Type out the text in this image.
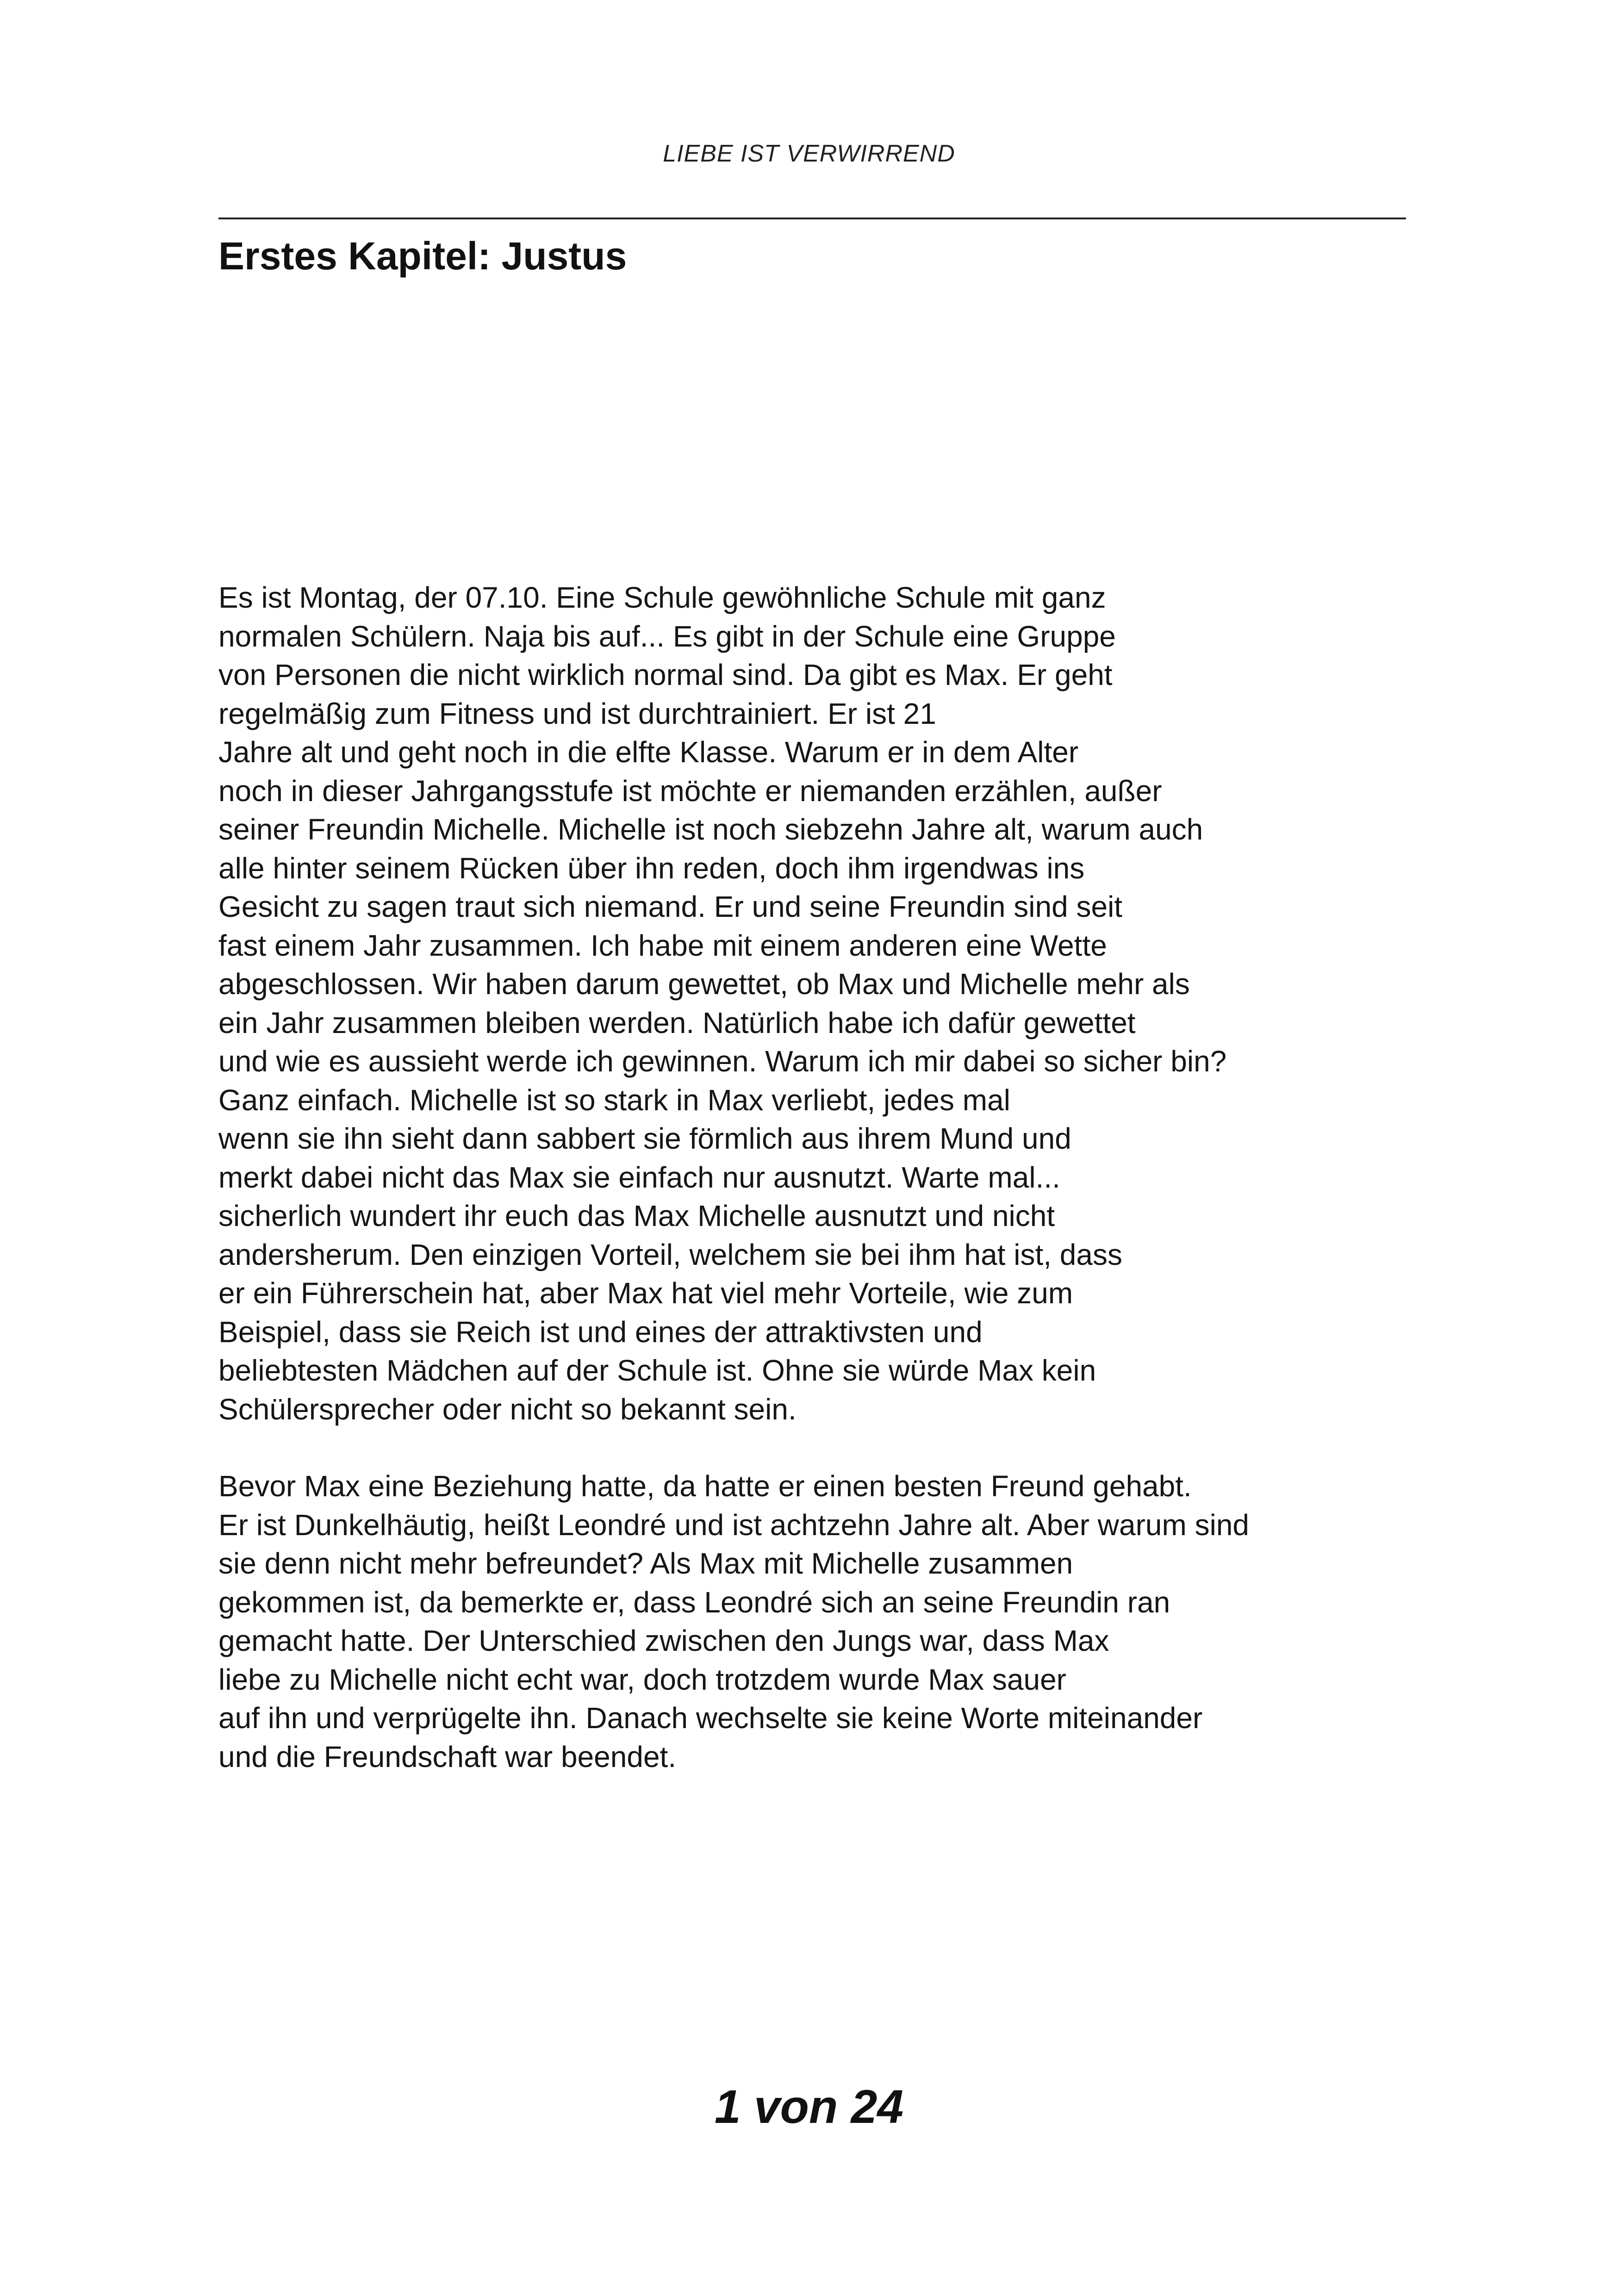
LIEBE IST VERWIRREND
Erstes Kapitel: Justus

Es ist Montag, der 07.10. Eine Schule gewöhnliche Schule mit ganz
normalen Schülern. Naja bis auf... Es gibt in der Schule eine Gruppe
von Personen die nicht wirklich normal sind. Da gibt es Max. Er geht
regelmäßig zum Fitness und ist durchtrainiert. Er ist 21
Jahre alt und geht noch in die elfte Klasse. Warum er in dem Alter
noch in dieser Jahrgangsstufe ist möchte er niemanden erzählen, außer
seiner Freundin Michelle. Michelle ist noch siebzehn Jahre alt, warum auch
alle hinter seinem Rücken über ihn reden, doch ihm irgendwas ins
Gesicht zu sagen traut sich niemand. Er und seine Freundin sind seit
fast einem Jahr zusammen. Ich habe mit einem anderen eine Wette
abgeschlossen. Wir haben darum gewettet, ob Max und Michelle mehr als
ein Jahr zusammen bleiben werden. Natürlich habe ich dafür gewettet
und wie es aussieht werde ich gewinnen. Warum ich mir dabei so sicher bin?
Ganz einfach. Michelle ist so stark in Max verliebt, jedes mal
wenn sie ihn sieht dann sabbert sie förmlich aus ihrem Mund und
merkt dabei nicht das Max sie einfach nur ausnutzt. Warte mal...
sicherlich wundert ihr euch das Max Michelle ausnutzt und nicht
andersherum. Den einzigen Vorteil, welchem sie bei ihm hat ist, dass
er ein Führerschein hat, aber Max hat viel mehr Vorteile, wie zum
Beispiel, dass sie Reich ist und eines der attraktivsten und
beliebtesten Mädchen auf der Schule ist. Ohne sie würde Max kein
Schülersprecher oder nicht so bekannt sein.

Bevor Max eine Beziehung hatte, da hatte er einen besten Freund gehabt.
Er ist Dunkelhäutig, heißt Leondré und ist achtzehn Jahre alt. Aber warum sind
sie denn nicht mehr befreundet? Als Max mit Michelle zusammen
gekommen ist, da bemerkte er, dass Leondré sich an seine Freundin ran
gemacht hatte. Der Unterschied zwischen den Jungs war, dass Max
liebe zu Michelle nicht echt war, doch trotzdem wurde Max sauer
auf ihn und verprügelte ihn. Danach wechselte sie keine Worte miteinander
und die Freundschaft war beendet.

1 von 24
